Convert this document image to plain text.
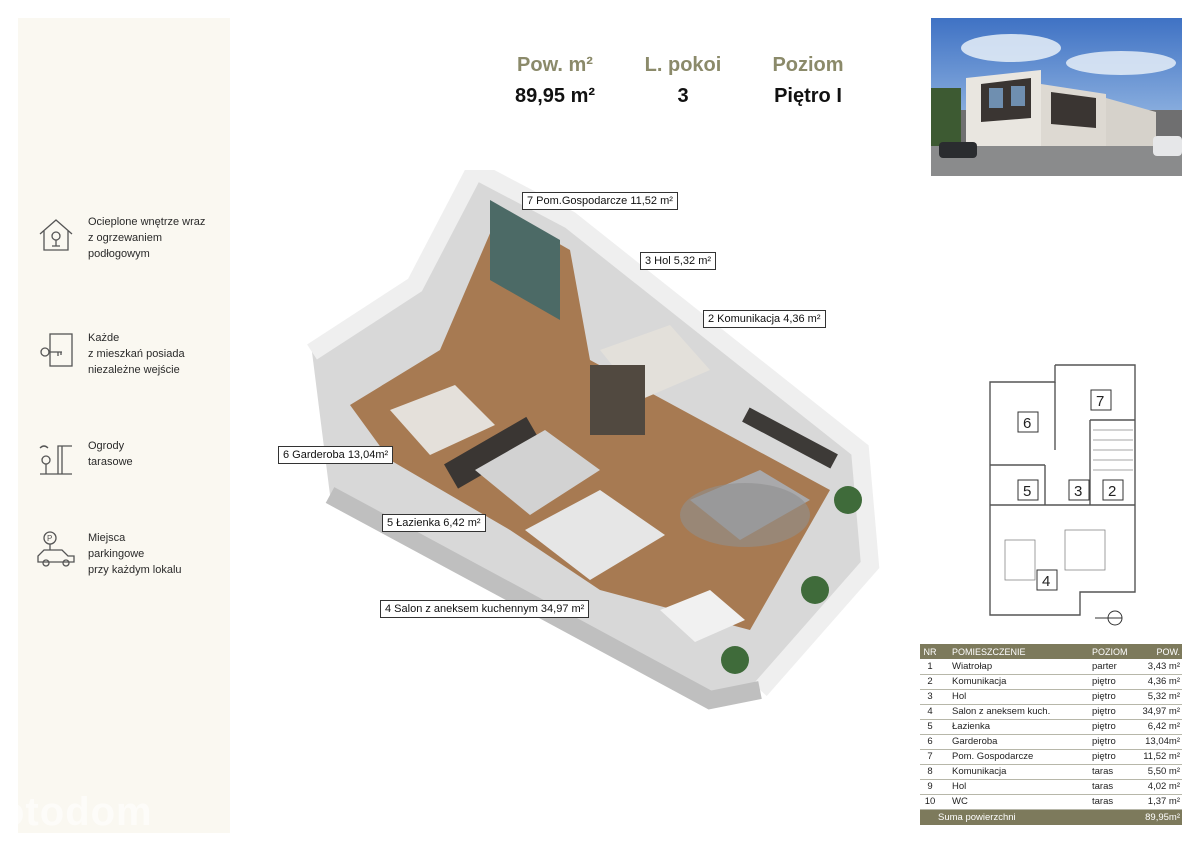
Ocieplone wnętrze wraz
z ogrzewaniem
podłogowym
Każde
z mieszkań posiada
niezależne wejście
Ogrody
tarasowe
P	Miejsca
parkingowe
przy każdym lokalu
otodom
Pow. m²
89,95 m²
L. pokoi
3
Poziom
Piętro I
7 Pom.Gospodarcze 11,52 m²
3 Hol 5,32 m²
2 Komunikacja 4,36 m²
6 Garderoba 13,04m²
5 Łazienka 6,42 m²
4 Salon z aneksem kuchennym 34,97 m²
7
6
5	3 2
4
NR	POMIESZCZENIE	POZIOM	POW.
1	Wiatrołap	parter	3,43 m²
2	Komunikacja	piętro	4,36 m²
3	Hol	piętro	5,32 m²
4	Salon z aneksem kuch.	piętro	34,97 m²
5	Łazienka	piętro	6,42 m²
6	Garderoba	piętro	13,04m²
7	Pom. Gospodarcze	piętro	11,52 m²
8	Komunikacja	taras	5,50 m²
9	Hol	taras	4,02 m²
10	WC	taras	1,37 m²
Suma powierzchni			89,95m²
